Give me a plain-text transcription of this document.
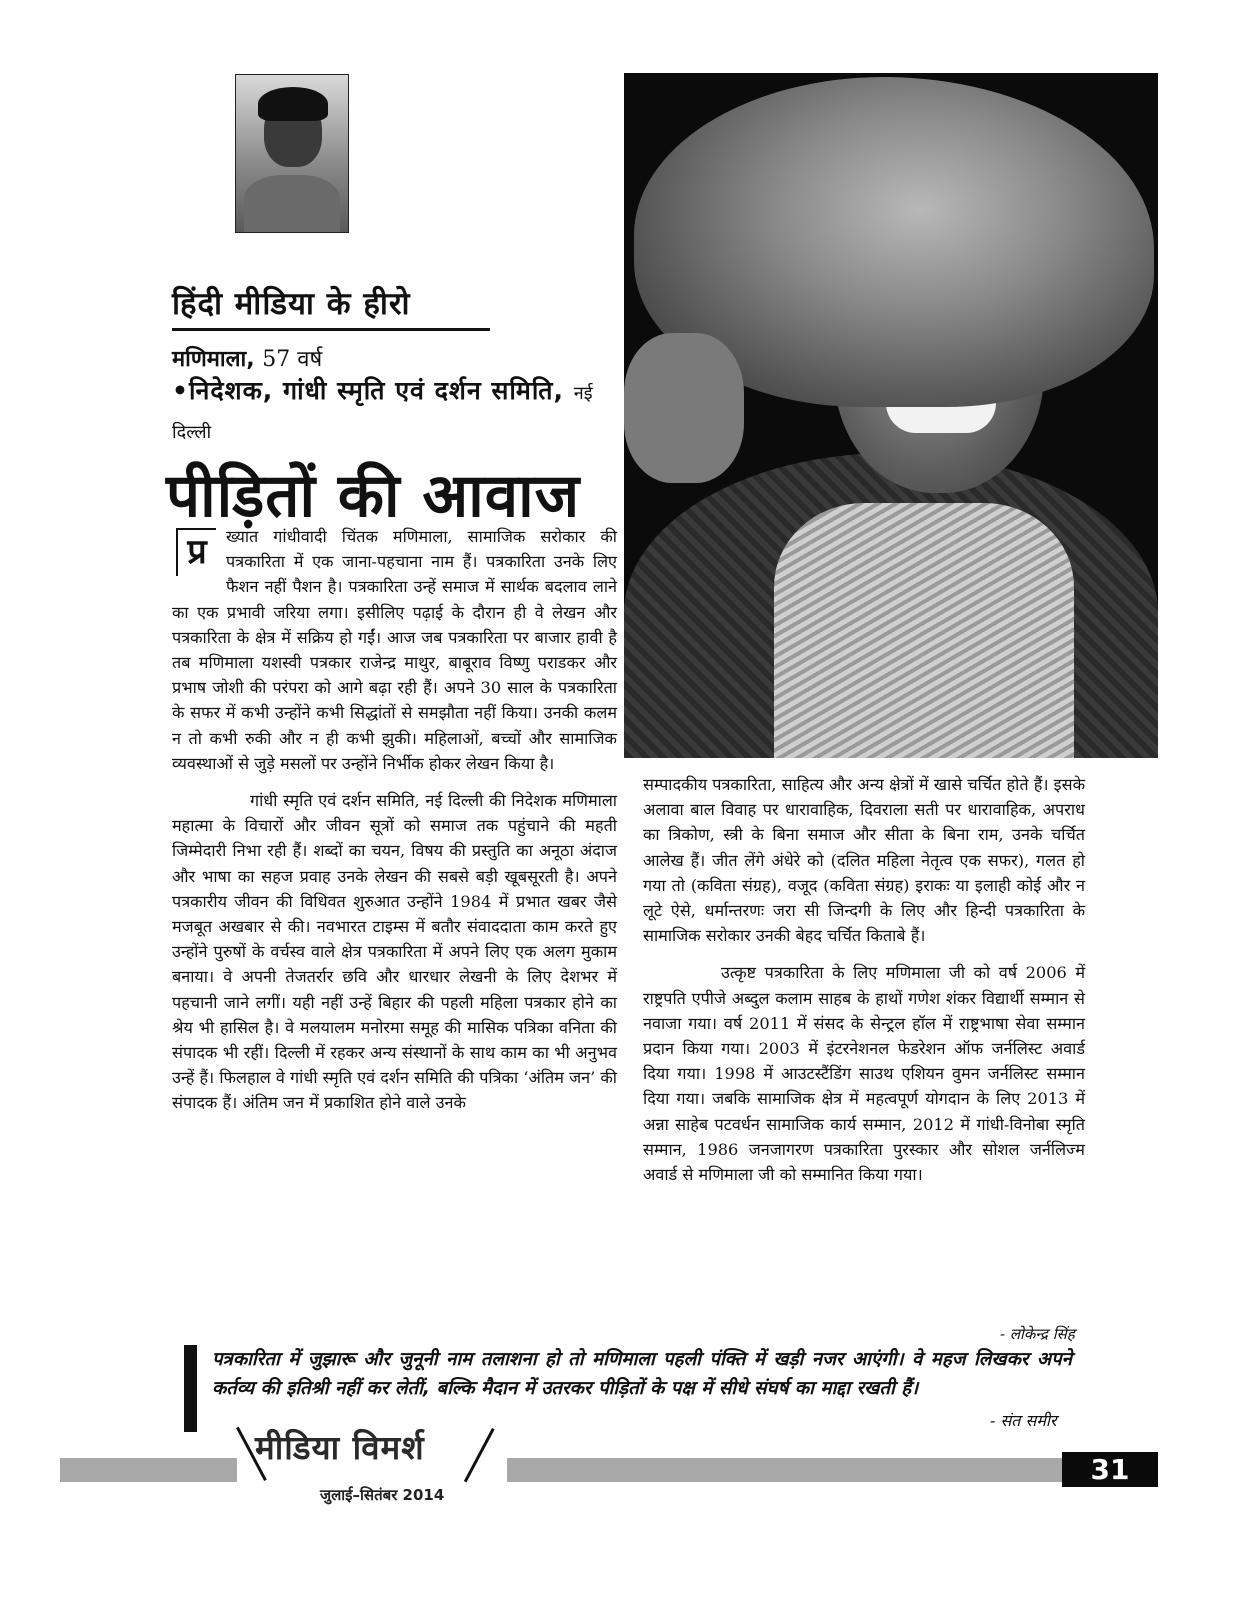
हिंदी मीडिया के हीरो
मणिमाला, 57 वर्ष
•निदेशक, गांधी स्मृति एवं दर्शन समिति, नई दिल्ली
पीड़ितों की आवाज

प्र	ख्यात गांधीवादी चिंतक मणिमाला, सामाजिक सरोकार की पत्रकारिता में एक जाना-पहचाना नाम हैं। पत्रकारिता उनके लिए फैशन नहीं पैशन है। पत्रकारिता उन्हें समाज में सार्थक बदलाव लाने का एक प्रभावी जरिया लगा। इसीलिए पढ़ाई के दौरान ही वे लेखन और पत्रकारिता के क्षेत्र में सक्रिय हो गईं। आज जब पत्रकारिता पर बाजार हावी है तब मणिमाला यशस्वी पत्रकार राजेन्द्र माथुर, बाबूराव विष्णु पराडकर और प्रभाष जोशी की परंपरा को आगे बढ़ा रही हैं। अपने 30 साल के पत्रकारिता के सफर में कभी उन्होंने कभी सिद्धांतों से समझौता नहीं किया। उनकी कलम न तो कभी रुकी और न ही कभी झुकी। महिलाओं, बच्चों और सामाजिक व्यवस्थाओं से जुड़े मसलों पर उन्होंने निर्भीक होकर लेखन किया है।

गांधी स्मृति एवं दर्शन समिति, नई दिल्ली की निदेशक मणिमाला महात्मा के विचारों और जीवन सूत्रों को समाज तक पहुंचाने की महती जिम्मेदारी निभा रही हैं। शब्दों का चयन, विषय की प्रस्तुति का अनूठा अंदाज और भाषा का सहज प्रवाह उनके लेखन की सबसे बड़ी खूबसूरती है। अपने पत्रकारीय जीवन की विधिवत शुरुआत उन्होंने 1984 में प्रभात खबर जैसे मजबूत अखबार से की। नवभारत टाइम्स में बतौर संवाददाता काम करते हुए उन्होंने पुरुषों के वर्चस्व वाले क्षेत्र पत्रकारिता में अपने लिए एक अलग मुकाम बनाया। वे अपनी तेजतर्रार छवि और धारधार लेखनी के लिए देशभर में पहचानी जाने लगीं। यही नहीं उन्हें बिहार की पहली महिला पत्रकार होने का श्रेय भी हासिल है। वे मलयालम मनोरमा समूह की मासिक पत्रिका वनिता की संपादक भी रहीं। दिल्ली में रहकर अन्य संस्थानों के साथ काम का भी अनुभव उन्हें हैं। फिलहाल वे गांधी स्मृति एवं दर्शन समिति की पत्रिका ‘अंतिम जन’ की संपादक हैं। अंतिम जन में प्रकाशित होने वाले उनके

सम्पादकीय पत्रकारिता, साहित्य और अन्य क्षेत्रों में खासे चर्चित होते हैं। इसके अलावा बाल विवाह पर धारावाहिक, दिवराला सती पर धारावाहिक, अपराध का त्रिकोण, स्त्री के बिना समाज और सीता के बिना राम, उनके चर्चित आलेख हैं। जीत लेंगे अंधेरे को (दलित महिला नेतृत्व एक सफर), गलत हो गया तो (कविता संग्रह), वजूद (कविता संग्रह) इराकः या इलाही कोई और न लूटे ऐसे, धर्मान्तरणः जरा सी जिन्दगी के लिए और हिन्दी पत्रकारिता के सामाजिक सरोकार उनकी बेहद चर्चित किताबे हैं।

उत्कृष्ट पत्रकारिता के लिए मणिमाला जी को वर्ष 2006 में राष्ट्रपति एपीजे अब्दुल कलाम साहब के हाथों गणेश शंकर विद्यार्थी सम्मान से नवाजा गया। वर्ष 2011 में संसद के सेन्ट्रल हॉल में राष्ट्रभाषा सेवा सम्मान प्रदान किया गया। 2003 में इंटरनेशनल फेडरेशन ऑफ जर्नलिस्ट अवार्ड दिया गया। 1998 में आउटस्टैंडिंग साउथ एशियन वुमन जर्नलिस्ट सम्मान दिया गया। जबकि सामाजिक क्षेत्र में महत्वपूर्ण योगदान के लिए 2013 में अन्ना साहेब पटवर्धन सामाजिक कार्य सम्मान, 2012 में गांधी-विनोबा स्मृति सम्मान, 1986 जनजागरण पत्रकारिता पुरस्कार और सोशल जर्नलिज्म अवार्ड से मणिमाला जी को सम्मानित किया गया।

- लोकेन्द्र सिंह
पत्रकारिता में जुझारू और जुनूनी नाम तलाशना हो तो मणिमाला पहली पंक्ति में खड़ी नजर आएंगी। वे महज लिखकर अपने कर्तव्य की इतिश्री नहीं कर लेतीं, बल्कि मैदान में उतरकर पीड़ितों के पक्ष में सीधे संघर्ष का माद्दा रखती हैं।
- संत समीर
मीडिया विमर्श
जुलाई–सितंबर 2014
31
